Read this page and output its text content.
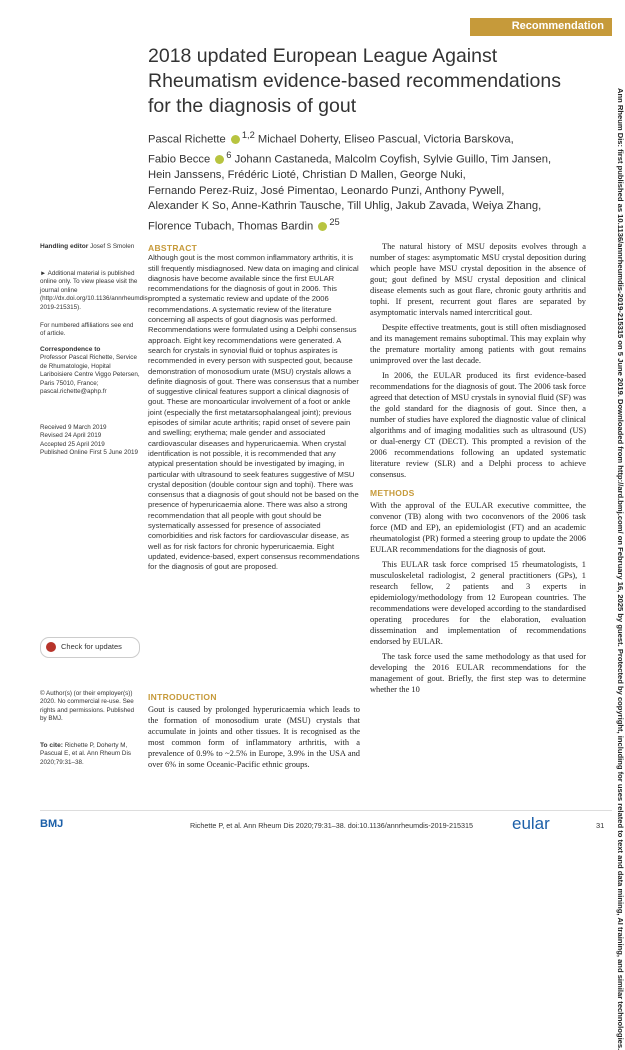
Recommendation
2018 updated European League Against Rheumatism evidence-based recommendations for the diagnosis of gout
Pascal Richette $^{1,2}$ Michael Doherty, Eliseo Pascual, Victoria Barskova,
Fabio Becce $^6$ Johann Castaneda, Malcolm Coyfish, Sylvie Guillo, Tim Jansen,
Hein Janssens, Frédéric Lioté, Christian D Mallen, George Nuki,
Fernando Perez-Ruiz, José Pimentao, Leonardo Punzi, Anthony Pywell,
Alexander K So, Anne-Kathrin Tausche, Till Uhlig, Jakub Zavada, Weiya Zhang,
Florence Tubach, Thomas Bardin $^{25}$
Handling editor Josef S Smolen
► Additional material is published online only. To view please visit the journal online (http://dx.doi.org/10.1136/annrheumdis-2019-215315).
For numbered affiliations see end of article.
Correspondence to
Professor Pascal Richette, Service de Rhumatologie, Hopital Lariboisiere Centre Viggo Petersen, Paris 75010, France; pascal.richette@aphp.fr
Received 9 March 2019
Revised 24 April 2019
Accepted 25 April 2019
Published Online First 5 June 2019
Check for updates
© Author(s) (or their employer(s)) 2020. No commercial re-use. See rights and permissions. Published by BMJ.
To cite: Richette P, Doherty M, Pascual E, et al. Ann Rheum Dis 2020;79:31–38.
ABSTRACT
Although gout is the most common inflammatory arthritis, it is still frequently misdiagnosed. New data on imaging and clinical diagnosis have become available since the first EULAR recommendations for the diagnosis of gout in 2006. This prompted a systematic review and update of the 2006 recommendations. A systematic review of the literature concerning all aspects of gout diagnosis was performed. Recommendations were formulated using a Delphi consensus approach. Eight key recommendations were generated. A search for crystals in synovial fluid or tophus aspirates is recommended in every person with suspected gout, because demonstration of monosodium urate (MSU) crystals allows a definite diagnosis of gout. There was consensus that a number of suggestive clinical features support a clinical diagnosis of gout. These are monoarticular involvement of a foot or ankle joint (especially the first metatarsophalangeal joint); previous episodes of similar acute arthritis; rapid onset of severe pain and swelling; erythema; male gender and associated cardiovascular diseases and hyperuricaemia. When crystal identification is not possible, it is recommended that any atypical presentation should be investigated by imaging, in particular with ultrasound to seek features suggestive of MSU crystal deposition (double contour sign and tophi). There was consensus that a diagnosis of gout should not be based on the presence of hyperuricaemia alone. There was also a strong recommendation that all people with gout should be systematically assessed for presence of associated comorbidities and risk factors for cardiovascular disease, as well as for risk factors for chronic hyperuricaemia. Eight updated, evidence-based, expert consensus recommendations for the diagnosis of gout are proposed.
INTRODUCTION

Gout is caused by prolonged hyperuricaemia which leads to the formation of monosodium urate (MSU) crystals that accumulate in joints and other tissues. It is recognised as the most common form of inflammatory arthritis, with a prevalence of 0.9% to ~2.5% in Europe, 3.9% in the USA and over 6% in some Oceanic-Pacific ethnic groups.

The natural history of MSU deposits evolves through a number of stages: asymptomatic MSU crystal deposition during which people have MSU crystal deposition in the absence of gout; gout defined by MSU crystal deposition and clinical disease elements such as gout flare, chronic gouty arthritis and tophi. If present, recurrent gout flares are separated by asymptomatic intervals named intercritical gout.

Despite effective treatments, gout is still often misdiagnosed and its management remains suboptimal. This may explain why the premature mortality among patients with gout remains unimproved over the last decade.

In 2006, the EULAR produced its first evidence-based recommendations for the diagnosis of gout. The 2006 task force agreed that detection of MSU crystals in synovial fluid (SF) was the gold standard for the diagnosis of gout. Since then, a number of studies have explored the diagnostic value of clinical algorithms and of imaging modalities such as ultrasound (US) or dual-energy CT (DECT). This prompted a revision of the 2006 recommendations following an updated systematic literature review (SLR) and a Delphi process to achieve consensus.

METHODS

With the approval of the EULAR executive committee, the convenor (TB) along with two coconvenors of the 2006 task force (MD and EP), an epidemiologist (FT) and an academic rheumatologist (PR) formed a steering group to update the 2006 EULAR recommendations for the diagnosis of gout.

This EULAR task force comprised 15 rheumatologists, 1 musculoskeletal radiologist, 2 general practitioners (GPs), 1 research fellow, 2 patients and 3 experts in epidemiology/methodology from 12 European countries. The recommendations were developed according to the standardised operating procedures for the elaboration, evaluation dissemination and implementation of recommendations endorsed by EULAR.

The task force used the same methodology as that used for developing the 2016 EULAR recommendations for the management of gout. Briefly, the first step was to determine whether the 10	Ann Rheum Dis: first published as 10.1136/annrheumdis-2019-215315 on 5 June 2019. Downloaded from http://ard.bmj.com/ on February 16, 2025 by guest. Protected by copyright, including for uses related to text and data mining, AI training, and similar technologies.
BMJ	Richette P, et al. Ann Rheum Dis 2020;79:31–38. doi:10.1136/annrheumdis-2019-215315 eular	31
